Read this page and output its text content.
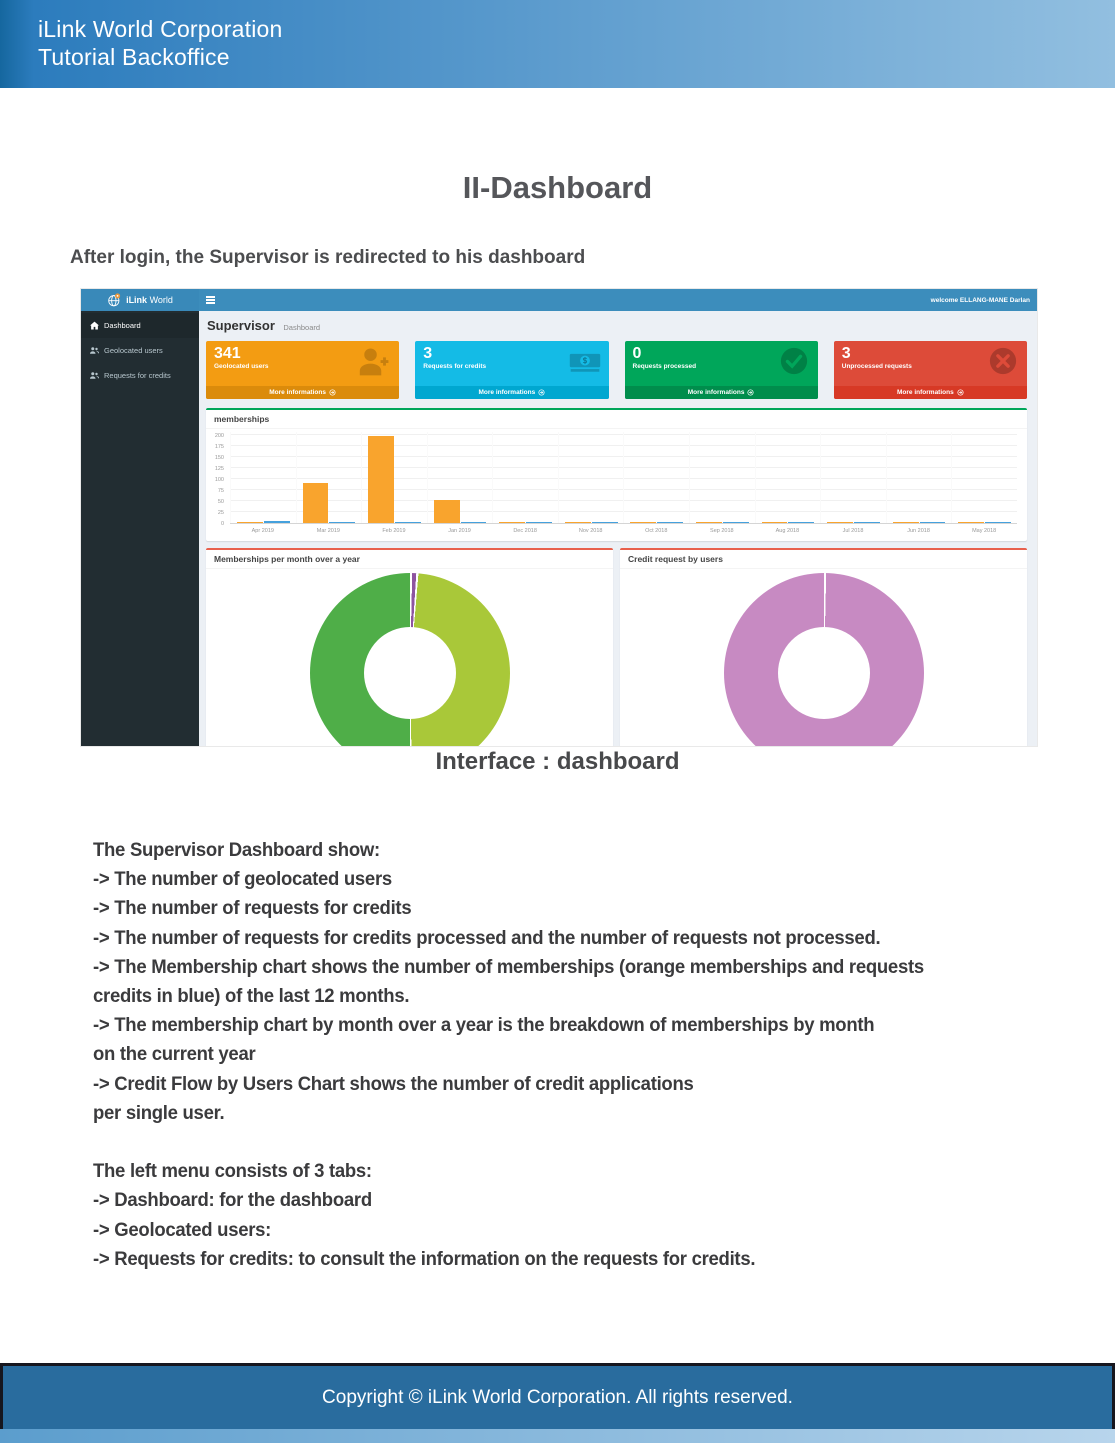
iLink World Corporation
Tutorial Backoffice
II-Dashboard
After login, the Supervisor is redirected to his dashboard
iLink World	welcome ELLANG-MANE Darlan
Dashboard
Geolocated users
Requests for credits
Supervisor Dashboard
341
Geolocated users
More informations
3
Requests for credits
More informations
0
Requests processed
More informations
3
Unprocessed requests
More informations
memberships
0
25
50
75
100
125
150
175
200
Apr 2019	Mar 2019	Feb 2019	Jan 2019	Dec 2018	Nov 2018	Oct 2018	Sep 2018	Aug 2018	Jul 2018	Jun 2018	May 2018
Memberships per month over a year	Credit request by users
Interface : dashboard
The Supervisor Dashboard show:
-> The number of geolocated users
-> The number of requests for credits
-> The number of requests for credits processed and the number of requests not processed.
-> The Membership chart shows the number of memberships (orange memberships and requests
credits in blue) of the last 12 months.
-> The membership chart by month over a year is the breakdown of memberships by month
on the current year
-> Credit Flow by Users Chart shows the number of credit applications
per single user.
The left menu consists of 3 tabs:
-> Dashboard: for the dashboard
-> Geolocated users:
-> Requests for credits: to consult the information on the requests for credits.
Copyright © iLink World Corporation. All rights reserved.
